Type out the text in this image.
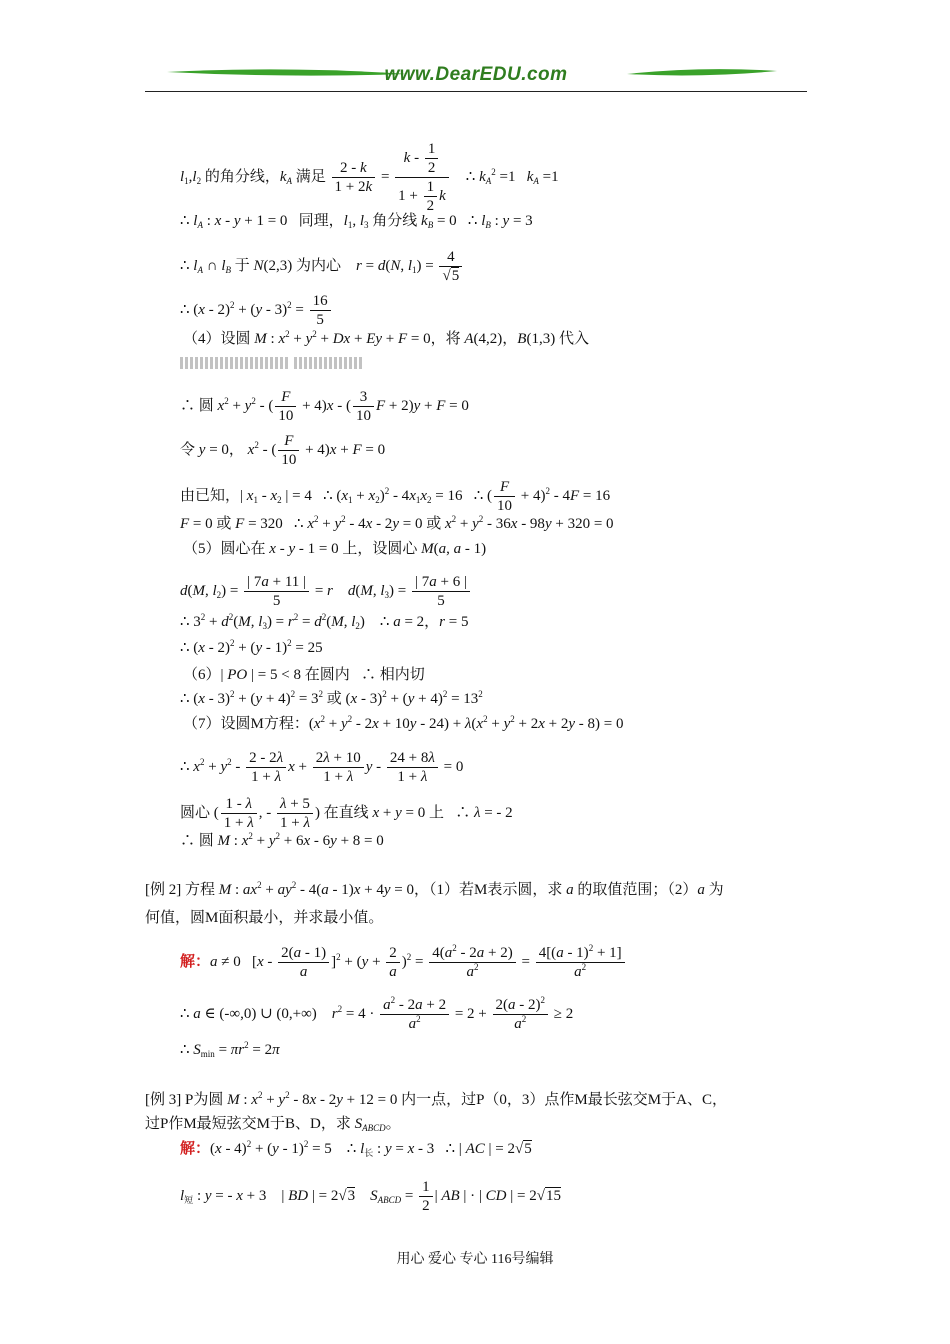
www.DearEDU.com
$l_1,l_2$ 的角分线，$k_A$ 满足 $\frac{2 - k}{1 + 2k} = \frac{k - \frac{1}{2}}{1 + \frac{1}{2} k}$ ∴ $k_A^2 =1$   $k_A =1$
∴ $l_A$ : x - y + 1 = 0   同理，$l_1$, $l_3$ 角分线 $k_B = 0$   ∴ $l_B$ : y = 3
∴ $l_A$ ∩ $l_B$ 于 N(2,3) 为内心    r = d(N, $l_1) = \frac{4}{√5}$
∴ $(x - 2)^2 + (y - 3)^2 = \frac{16}{5}$
（4）设圆 M : $x^2 + y^2 + Dx + Ey + F = 0$，将 A(4,2)，B(1,3) 代入

∴ 圆 $x^2 + y^2$ - ( $\frac{F}{10} + 4)x$ - ( $\frac{3}{10}$ F + 2)y + F = 0
令 y = 0， $x^2$ - ( $\frac{F}{10} + 4)x + F = 0$
由已知，| $x_1 - x_2$ | = 4   ∴ $(x_1 + x_2)^2 - 4x_1x_2 = 16$   ∴ ( $\frac{F}{10} + 4)^2 - 4F = 16$
F = 0 或 F = 320   ∴ $x^2 + y^2 - 4x - 2y = 0$ 或 $x^2 + y^2 - 36x - 98y + 320 = 0$
（5）圆心在 x - y - 1 = 0 上，设圆心 M(a, a - 1)
d(M, $l_2) = \frac{| 7a + 11 |}{5} = r$ d(M, $l_3) = \frac{| 7a + 6 |}{5}$
∴ $3^2 + d^2(M$, $l_3) = r^2 = d^2(M$, $l_2$)    ∴ a = 2，r = 5
∴ (x - 2)$^2$ + (y - 1)$^2$ = 25
（6）| PO | = 5 < 8 在圆内   ∴ 相内切
∴ $(x - 3)^2 + (y + 4)^2 = 3^2$ 或 $(x - 3)^2 + (y + 4)^2 = 13^2$
（7）设圆M方程：$(x^2 + y^2 - 2x + 10y - 24) + \lambda(x^2 + y^2 + 2x + 2y - 8) = 0$
∴ $x^2 + y^2 - \frac{2 - 2\lambda}{1 + \lambda}$ $x + \frac{2\lambda + 10}{1 + \lambda}$ $y - \frac{24 + 8\lambda}{1 + \lambda} = 0$
圆心 ( $\frac{1 - \lambda}{1 + \lambda}$ , - $\frac{\lambda + 5}{1 + \lambda}$ ) 在直线 x + y = 0 上   ∴ λ = - 2
∴ 圆 M : $x^2 + y^2 + 6x - 6y + 8 = 0$
[例 2] 方程 M : $ax^2 + ay^2 - 4(a - 1)x + 4y = 0$，（1）若M表示圆，求 a 的取值范围；（2）a 为
何值，圆M面积最小，并求最小值。
解：a ≠ 0   $[x - \frac{2(a - 1)}{a} ]^2 + (y + \frac{2}{a} )^2 = \frac{4(a^2 - 2a + 2)}{a^2} = \frac{4[(a - 1)^2 + 1]}{a^2}$
∴ a ∈ (-∞,0) ∪ (0,+∞)    $r^2 = 4 \cdot \frac{a^2 - 2a + 2}{a^2} = 2 + \frac{2(a - 2)^2}{a^2} \ge 2$
∴ $S_{min} = \pi r^2 = 2\pi$
[例 3] P为圆 M : $x^2 + y^2 - 8x - 2y + 12 = 0$ 内一点，过P（0，3）点作M最长弦交M于A、C，
过P作M最短弦交M于B、D，求 $S_{ABCD}$。
解：(x - 4)$^2$ + (y - 1)$^2$ = 5    ∴ $l_长$ : y = x - 3   ∴ | AC | = 2√5
$l_短$ : y = - x + 3    | BD | = 2√3 $S_{ABCD} = \frac{1}{2}$ | AB | · | CD | = 2√15
用心 爱心 专心 116号编辑
